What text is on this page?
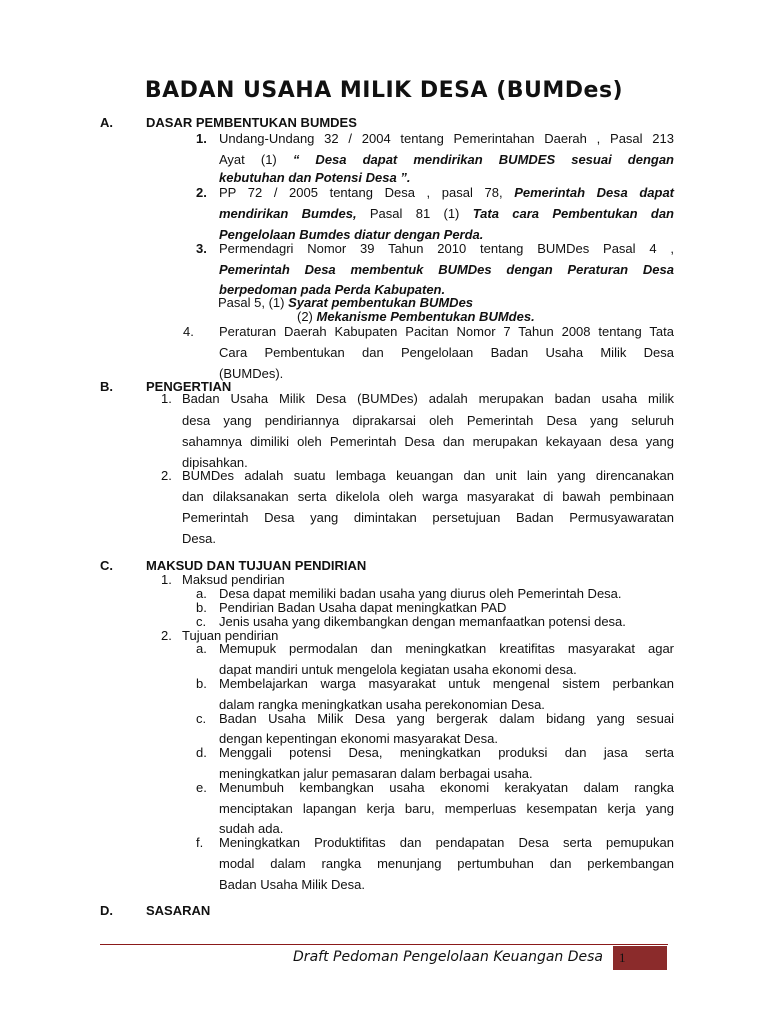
BADAN USAHA MILIK DESA (BUMDes)
A.	DASAR PEMBENTUKAN BUMDES
1. Undang-Undang 32 / 2004 tentang Pemerintahan Daerah , Pasal 213
Ayat (1) “ Desa dapat mendirikan BUMDES sesuai dengan
kebutuhan dan Potensi Desa ”.
2. PP 72 / 2005 tentang Desa , pasal 78, Pemerintah Desa dapat
mendirikan Bumdes, Pasal 81 (1) Tata cara Pembentukan dan
Pengelolaan Bumdes diatur dengan Perda.
3. Permendagri Nomor 39 Tahun 2010 tentang BUMDes Pasal 4 ,
Pemerintah Desa membentuk BUMDes dengan Peraturan Desa
berpedoman pada Perda Kabupaten.
Pasal 5, (1) Syarat pembentukan BUMDes
(2) Mekanisme Pembentukan BUMdes.
4. Peraturan Daerah Kabupaten Pacitan Nomor 7 Tahun 2008 tentang Tata
Cara Pembentukan dan Pengelolaan Badan Usaha Milik Desa
(BUMDes).
B.	PENGERTIAN
1. Badan Usaha Milik Desa (BUMDes) adalah merupakan badan usaha milik
desa yang pendiriannya diprakarsai oleh Pemerintah Desa yang seluruh
sahamnya dimiliki oleh Pemerintah Desa dan merupakan kekayaan desa yang
dipisahkan.
2. BUMDes adalah suatu lembaga keuangan dan unit lain yang direncanakan
dan dilaksanakan serta dikelola oleh warga masyarakat di bawah pembinaan
Pemerintah Desa yang dimintakan persetujuan Badan Permusyawaratan
Desa.
C.	MAKSUD DAN TUJUAN PENDIRIAN
1. Maksud pendirian
a. Desa dapat memiliki badan usaha yang diurus oleh Pemerintah Desa.
b. Pendirian Badan Usaha dapat meningkatkan PAD
c. Jenis usaha yang dikembangkan dengan memanfaatkan potensi desa.
2. Tujuan pendirian
a. Memupuk permodalan dan meningkatkan kreatifitas masyarakat agar
dapat mandiri untuk mengelola kegiatan usaha ekonomi desa.
b. Membelajarkan warga masyarakat untuk mengenal sistem perbankan
dalam rangka meningkatkan usaha perekonomian Desa.
c. Badan Usaha Milik Desa yang bergerak dalam bidang yang sesuai
dengan kepentingan ekonomi masyarakat Desa.
d. Menggali potensi Desa, meningkatkan produksi dan jasa serta
meningkatkan jalur pemasaran dalam berbagai usaha.
e. Menumbuh kembangkan usaha ekonomi kerakyatan dalam rangka
menciptakan lapangan kerja baru, memperluas kesempatan kerja yang
sudah ada.
f. Meningkatkan Produktifitas dan pendapatan Desa serta pemupukan
modal dalam rangka menunjang pertumbuhan dan perkembangan
Badan Usaha Milik Desa.
D.	SASARAN
Draft Pedoman Pengelolaan Keuangan Desa	1
